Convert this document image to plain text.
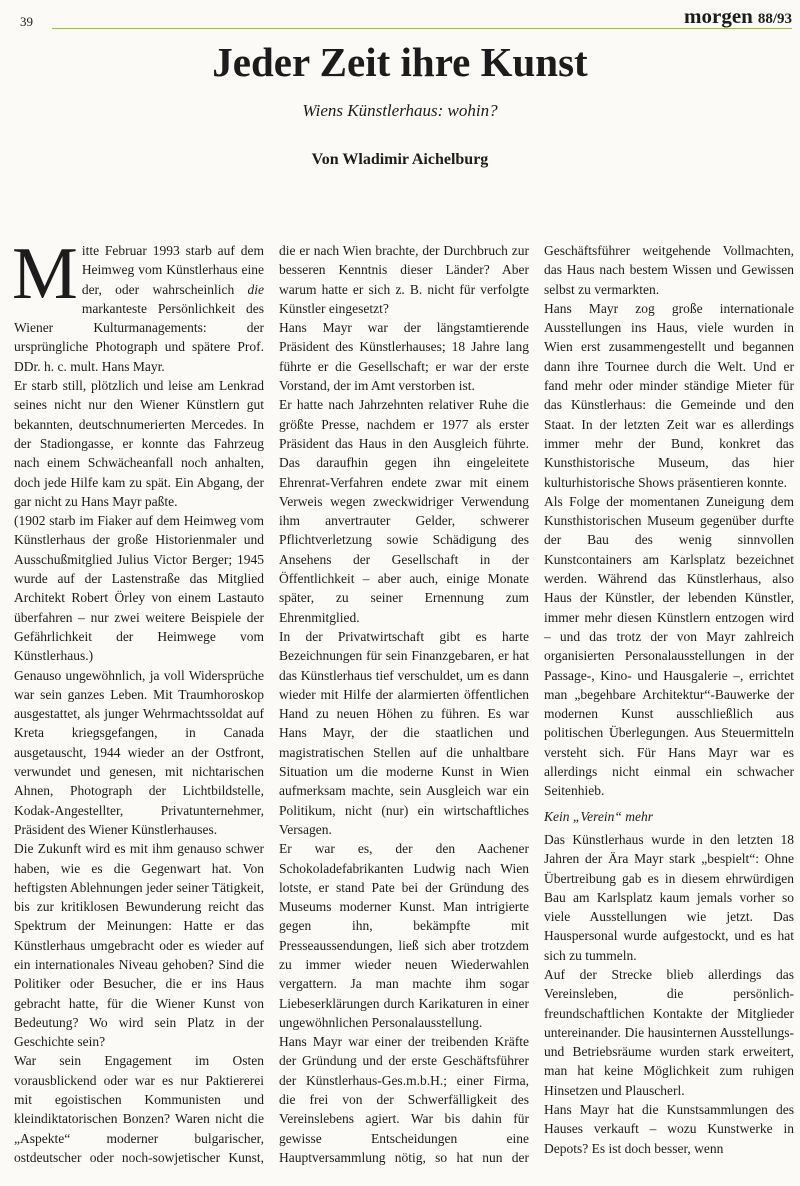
39	morgen 88/93
Jeder Zeit ihre Kunst
Wiens Künstlerhaus: wohin?
Von Wladimir Aichelburg

Mitte Februar 1993 starb auf dem Heimweg vom Künstlerhaus eine der, oder wahrscheinlich die markanteste Persönlichkeit des Wiener Kulturmanagements: der ursprüngliche Photograph und spätere Prof. DDr. h. c. mult. Hans Mayr.

Er starb still, plötzlich und leise am Lenkrad seines nicht nur den Wiener Künstlern gut bekannten, deutschnumerierten Mercedes. In der Stadiongasse, er konnte das Fahrzeug nach einem Schwächeanfall noch anhalten, doch jede Hilfe kam zu spät. Ein Abgang, der gar nicht zu Hans Mayr paßte.

(1902 starb im Fiaker auf dem Heimweg vom Künstlerhaus der große Historienmaler und Ausschußmitglied Julius Victor Berger; 1945 wurde auf der Lastenstraße das Mitglied Architekt Robert Örley von einem Lastauto überfahren – nur zwei weitere Beispiele der Gefährlichkeit der Heimwege vom Künstlerhaus.)

Genauso ungewöhnlich, ja voll Widersprüche war sein ganzes Leben. Mit Traumhoroskop ausgestattet, als junger Wehrmachtssoldat auf Kreta kriegsgefangen, in Canada ausgetauscht, 1944 wieder an der Ostfront, verwundet und genesen, mit nichtarischen Ahnen, Photograph der Lichtbildstelle, Kodak-Angestellter, Privatunternehmer, Präsident des Wiener Künstlerhauses.

Die Zukunft wird es mit ihm genauso schwer haben, wie es die Gegenwart hat. Von heftigsten Ablehnungen jeder seiner Tätigkeit, bis zur kritiklosen Bewunderung reicht das Spektrum der Meinungen: Hatte er das Künstlerhaus umgebracht oder es wieder auf ein internationales Niveau gehoben? Sind die Politiker oder Besucher, die er ins Haus gebracht hatte, für die Wiener Kunst von Bedeutung? Wo wird sein Platz in der Geschichte sein?

War sein Engagement im Osten vorausblickend oder war es nur Paktiererei mit egoistischen Kommunisten und kleindiktatorischen Bonzen? Waren nicht die „Aspekte“ moderner bulgarischer, ostdeutscher oder noch-sowjetischer Kunst, die er nach Wien brachte, der Durchbruch zur besseren Kenntnis dieser Länder? Aber warum hatte er sich z. B. nicht für verfolgte Künstler eingesetzt?

Hans Mayr war der längstamtierende Präsident des Künstlerhauses; 18 Jahre lang führte er die Gesellschaft; er war der erste Vorstand, der im Amt verstorben ist.

Er hatte nach Jahrzehnten relativer Ruhe die größte Presse, nachdem er 1977 als erster Präsident das Haus in den Ausgleich führte. Das daraufhin gegen ihn eingeleitete Ehrenrat-Verfahren endete zwar mit einem Verweis wegen zweckwidriger Verwendung ihm anvertrauter Gelder, schwerer Pflichtverletzung sowie Schädigung des Ansehens der Gesellschaft in der Öffentlichkeit – aber auch, einige Monate später, zu seiner Ernennung zum Ehrenmitglied.

In der Privatwirtschaft gibt es harte Bezeichnungen für sein Finanzgebaren, er hat das Künstlerhaus tief verschuldet, um es dann wieder mit Hilfe der alarmierten öffentlichen Hand zu neuen Höhen zu führen. Es war Hans Mayr, der die staatlichen und magistratischen Stellen auf die unhaltbare Situation um die moderne Kunst in Wien aufmerksam machte, sein Ausgleich war ein Politikum, nicht (nur) ein wirtschaftliches Versagen.

Er war es, der den Aachener Schokoladefabrikanten Ludwig nach Wien lotste, er stand Pate bei der Gründung des Museums moderner Kunst. Man intrigierte gegen ihn, bekämpfte mit Presseaussendungen, ließ sich aber trotzdem zu immer wieder neuen Wiederwahlen vergattern. Ja man machte ihm sogar Liebeserklärungen durch Karikaturen in einer ungewöhnlichen Personalausstellung.

Hans Mayr war einer der treibenden Kräfte der Gründung und der erste Geschäftsführer der Künstlerhaus-Ges.m.b.H.; einer Firma, die frei von der Schwerfälligkeit des Vereinslebens agiert. War bis dahin für gewisse Entscheidungen eine Hauptversammlung nötig, so hat nun der Geschäftsführer weitgehende Vollmachten, das Haus nach bestem Wissen und Gewissen selbst zu vermarkten.

Hans Mayr zog große internationale Ausstellungen ins Haus, viele wurden in Wien erst zusammengestellt und begannen dann ihre Tournee durch die Welt. Und er fand mehr oder minder ständige Mieter für das Künstlerhaus: die Gemeinde und den Staat. In der letzten Zeit war es allerdings immer mehr der Bund, konkret das Kunsthistorische Museum, das hier kulturhistorische Shows präsentieren konnte.

Als Folge der momentanen Zuneigung dem Kunsthistorischen Museum gegenüber durfte der Bau des wenig sinnvollen Kunstcontainers am Karlsplatz bezeichnet werden. Während das Künstlerhaus, also Haus der Künstler, der lebenden Künstler, immer mehr diesen Künstlern entzogen wird – und das trotz der von Mayr zahlreich organisierten Personalausstellungen in der Passage-, Kino- und Hausgalerie –, errichtet man „begehbare Architektur“-Bauwerke der modernen Kunst ausschließlich aus politischen Überlegungen. Aus Steuermitteln versteht sich. Für Hans Mayr war es allerdings nicht einmal ein schwacher Seitenhieb.

Kein „Verein“ mehr

Das Künstlerhaus wurde in den letzten 18 Jahren der Ära Mayr stark „bespielt“: Ohne Übertreibung gab es in diesem ehrwürdigen Bau am Karlsplatz kaum jemals vorher so viele Ausstellungen wie jetzt. Das Hauspersonal wurde aufgestockt, und es hat sich zu tummeln.

Auf der Strecke blieb allerdings das Vereinsleben, die persönlich-freundschaftlichen Kontakte der Mitglieder untereinander. Die hausinternen Ausstellungs- und Betriebsräume wurden stark erweitert, man hat keine Möglichkeit zum ruhigen Hinsetzen und Plauscherl.

Hans Mayr hat die Kunstsammlungen des Hauses verkauft – wozu Kunstwerke in Depots? Es ist doch besser, wenn
